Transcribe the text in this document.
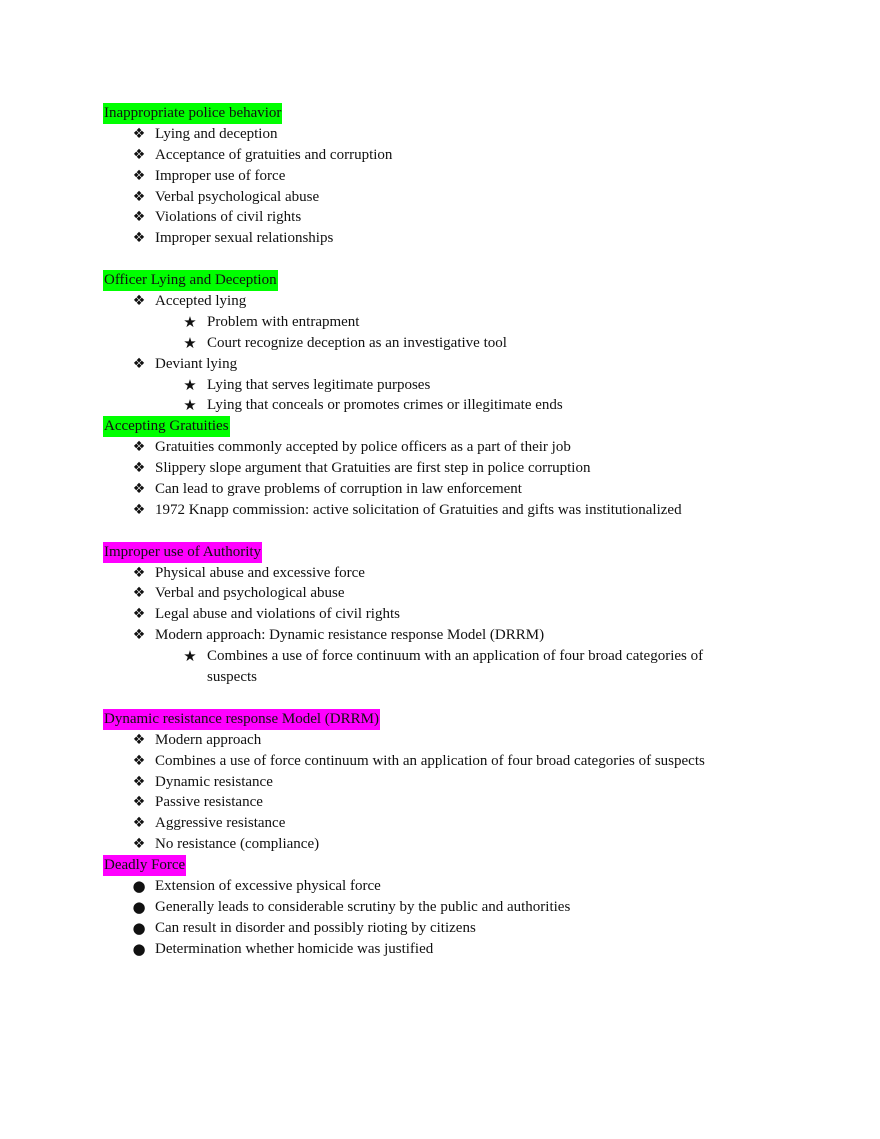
Inappropriate police behavior
❖ Lying and deception
❖ Acceptance of gratuities and corruption
❖ Improper use of force
❖ Verbal psychological abuse
❖ Violations of civil rights
❖ Improper sexual relationships
Officer Lying and Deception
❖ Accepted lying
★ Problem with entrapment
★ Court recognize deception as an investigative tool
❖ Deviant lying
★ Lying that serves legitimate purposes
★ Lying that conceals or promotes crimes or illegitimate ends
Accepting Gratuities
❖ Gratuities commonly accepted by police officers as a part of their job
❖ Slippery slope argument that Gratuities are first step in police corruption
❖ Can lead to grave problems of corruption in law enforcement
❖ 1972 Knapp commission: active solicitation of Gratuities and gifts was institutionalized
Improper use of Authority
❖ Physical abuse and excessive force
❖ Verbal and psychological abuse
❖ Legal abuse and violations of civil rights
❖ Modern approach: Dynamic resistance response Model (DRRM)
★ Combines a use of force continuum with an application of four broad categories of suspects
Dynamic resistance response Model (DRRM)
❖ Modern approach
❖ Combines a use of force continuum with an application of four broad categories of suspects
❖ Dynamic resistance
❖ Passive resistance
❖ Aggressive resistance
❖ No resistance (compliance)
Deadly Force
● Extension of excessive physical force
● Generally leads to considerable scrutiny by the public and authorities
● Can result in disorder and possibly rioting by citizens
● Determination whether homicide was justified
